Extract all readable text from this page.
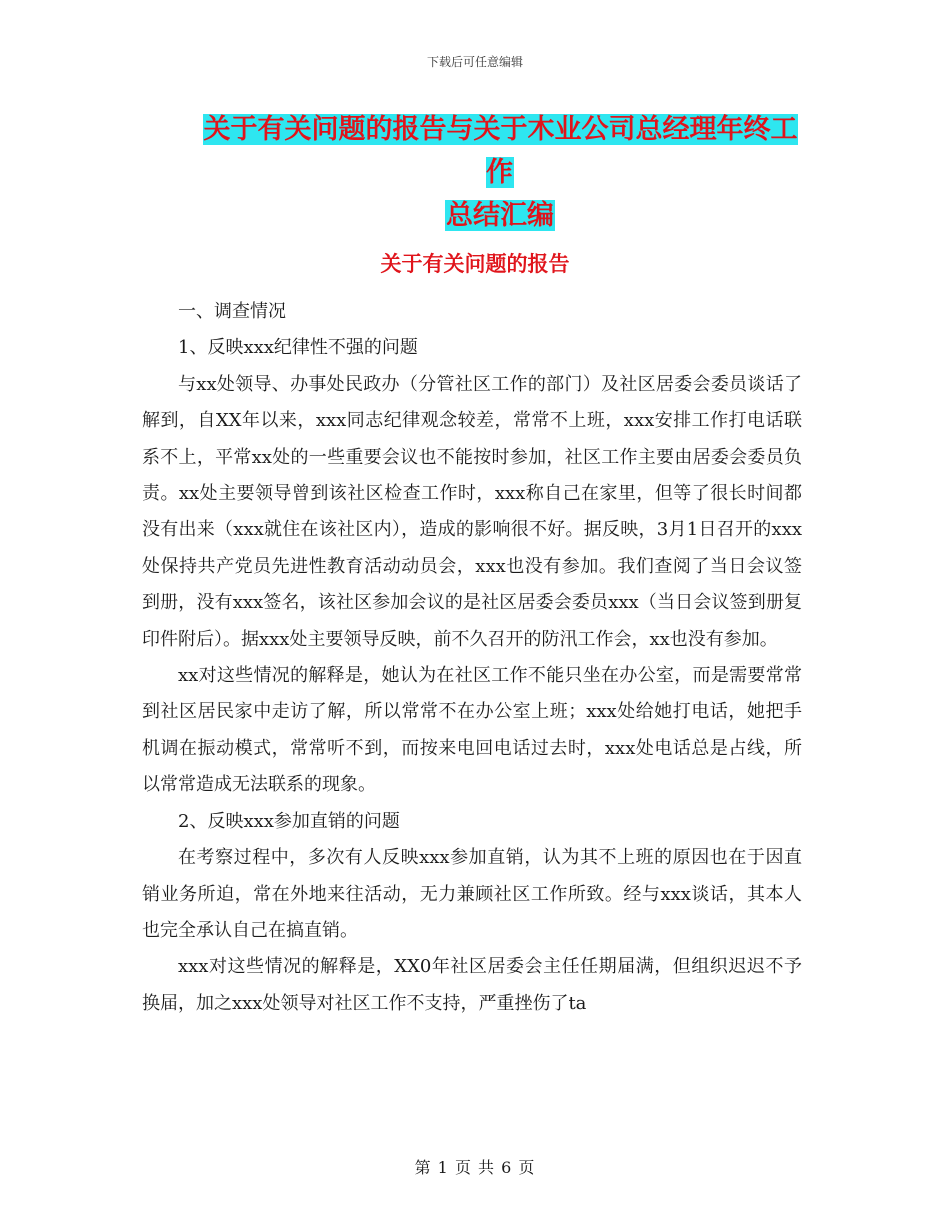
下载后可任意编辑
关于有关问题的报告与关于木业公司总经理年终工作
总结汇编
关于有关问题的报告

一、调查情况

1、反映xxx纪律性不强的问题

与xx处领导、办事处民政办（分管社区工作的部门）及社区居委会委员谈话了解到，自XX年以来，xxx同志纪律观念较差，常常不上班，xxx安排工作打电话联系不上，平常xx处的一些重要会议也不能按时参加，社区工作主要由居委会委员负责。xx处主要领导曾到该社区检查工作时，xxx称自己在家里，但等了很长时间都没有出来（xxx就住在该社区内），造成的影响很不好。据反映，3月1日召开的xxx处保持共产党员先进性教育活动动员会，xxx也没有参加。我们查阅了当日会议签到册，没有xxx签名，该社区参加会议的是社区居委会委员xxx（当日会议签到册复印件附后）。据xxx处主要领导反映，前不久召开的防汛工作会，xx也没有参加。

xx对这些情况的解释是，她认为在社区工作不能只坐在办公室，而是需要常常到社区居民家中走访了解，所以常常不在办公室上班；xxx处给她打电话，她把手机调在振动模式，常常听不到，而按来电回电话过去时，xxx处电话总是占线，所以常常造成无法联系的现象。

2、反映xxx参加直销的问题

在考察过程中，多次有人反映xxx参加直销，认为其不上班的原因也在于因直销业务所迫，常在外地来往活动，无力兼顾社区工作所致。经与xxx谈话，其本人也完全承认自己在搞直销。

xxx对这些情况的解释是，XX0年社区居委会主任任期届满，但组织迟迟不予换届，加之xxx处领导对社区工作不支持，严重挫伤了ta

第 1 页 共 6 页
